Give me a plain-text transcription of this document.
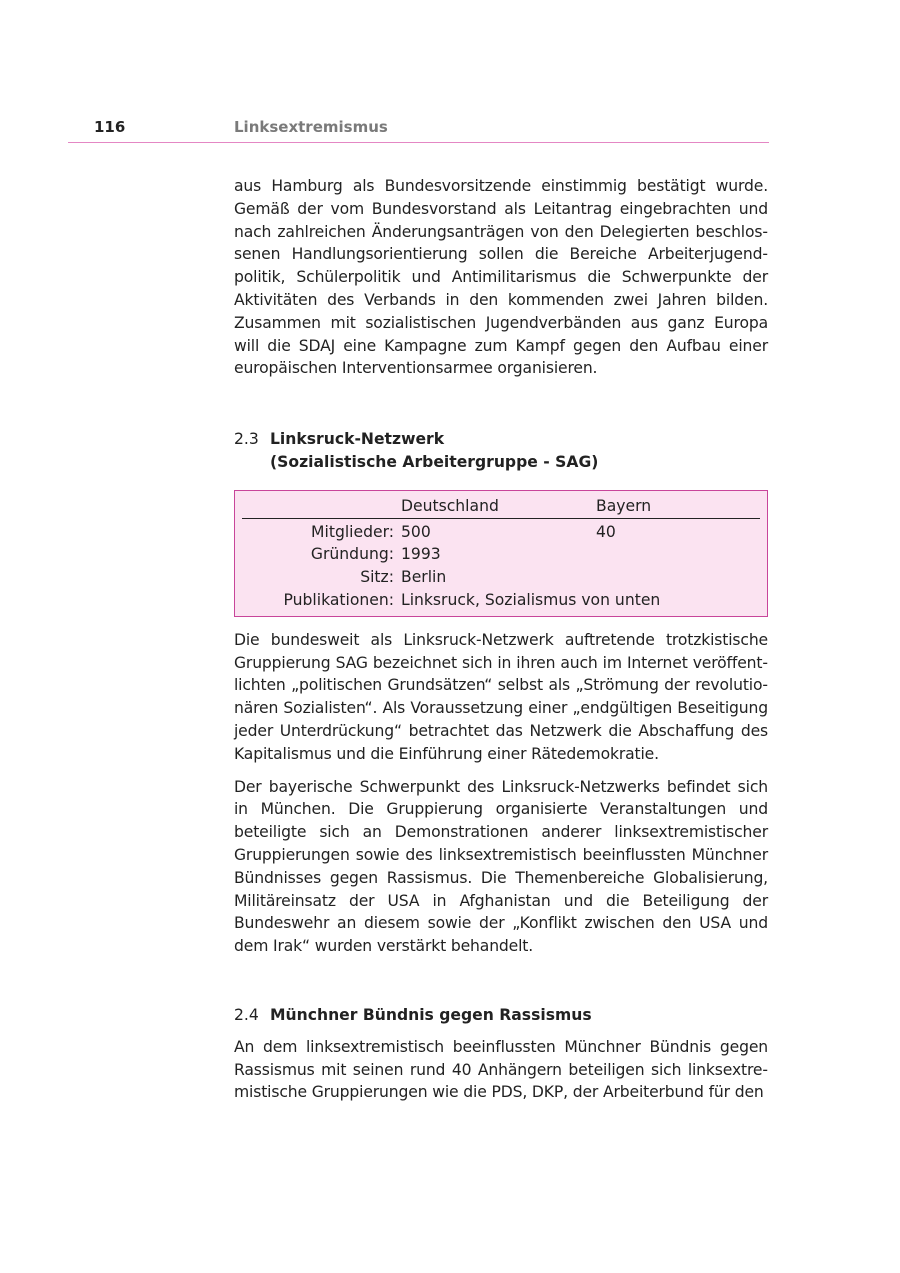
116	Linksextremismus

aus Hamburg als Bundesvorsitzende einstimmig bestätigt wurde. Gemäß der vom Bundesvorstand als Leitantrag eingebrachten und nach zahlreichen Änderungsanträgen von den Delegierten beschlossenen Handlungsorientierung sollen die Bereiche Arbeiterjugendpolitik, Schülerpolitik und Antimilitarismus die Schwerpunkte der Aktivitäten des Verbands in den kommenden zwei Jahren bilden. Zusammen mit sozialistischen Jugendverbänden aus ganz Europa will die SDAJ eine Kampagne zum Kampf gegen den Aufbau einer europäischen Interventionsarmee organisieren.

2.3 Linksruck-Netzwerk
(Sozialistische Arbeitergruppe - SAG)
	Deutschland	Bayern
Mitglieder:	500	40
Gründung:	1993	
Sitz:	Berlin	
Publikationen:	Linksruck, Sozialismus von unten	

Die bundesweit als Linksruck-Netzwerk auftretende trotzkistische Gruppierung SAG bezeichnet sich in ihren auch im Internet veröffentlichten „politischen Grundsätzen“ selbst als „Strömung der revolutionären Sozialisten“. Als Voraussetzung einer „endgültigen Beseitigung jeder Unterdrückung“ betrachtet das Netzwerk die Abschaffung des Kapitalismus und die Einführung einer Rätedemokratie.

Der bayerische Schwerpunkt des Linksruck-Netzwerks befindet sich in München. Die Gruppierung organisierte Veranstaltungen und beteiligte sich an Demonstrationen anderer linksextremistischer Gruppierungen sowie des linksextremistisch beeinflussten Münchner Bündnisses gegen Rassismus. Die Themenbereiche Globalisierung, Militäreinsatz der USA in Afghanistan und die Beteiligung der Bundeswehr an diesem sowie der „Konflikt zwischen den USA und dem Irak“ wurden verstärkt behandelt.

2.4 Münchner Bündnis gegen Rassismus

An dem linksextremistisch beeinflussten Münchner Bündnis gegen Rassismus mit seinen rund 40 Anhängern beteiligen sich linksextremistische Gruppierungen wie die PDS, DKP, der Arbeiterbund für den
